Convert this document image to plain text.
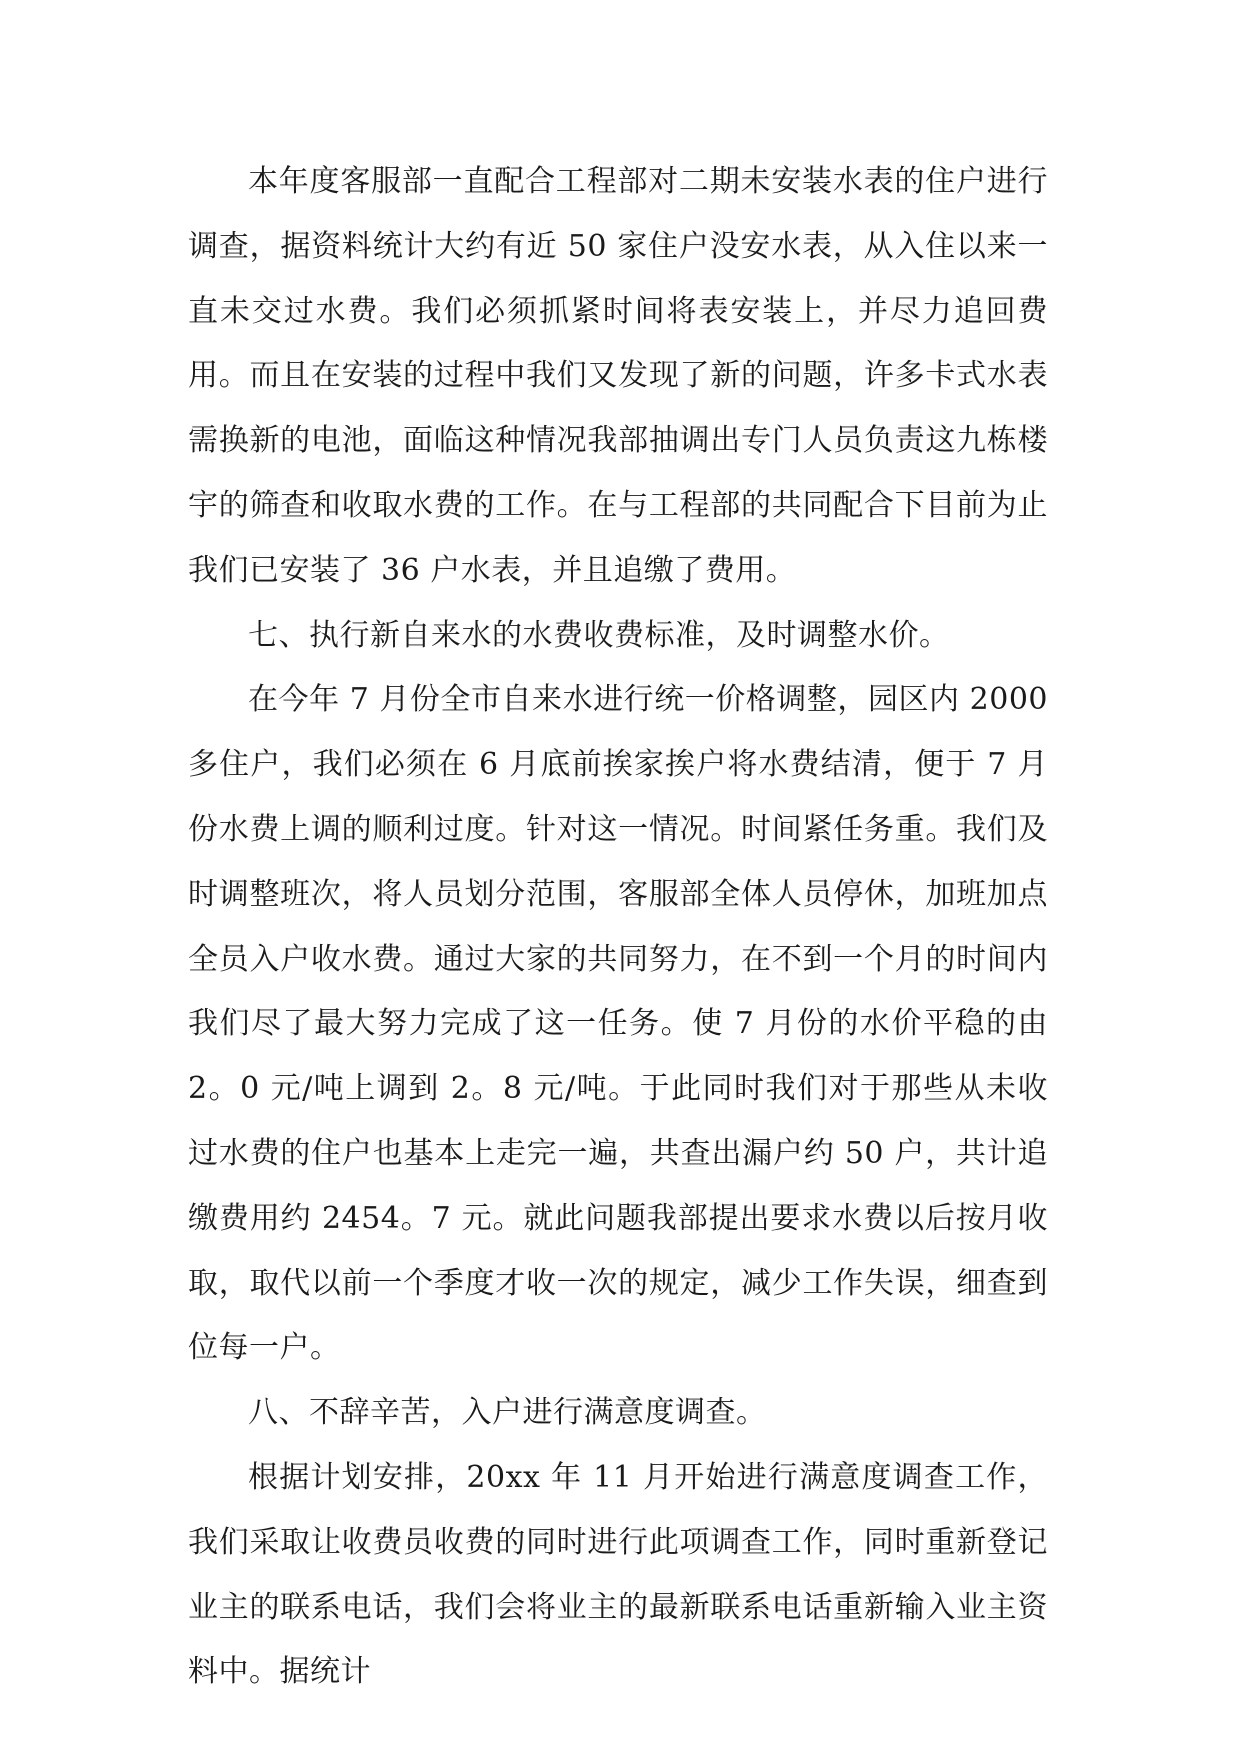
本年度客服部一直配合工程部对二期未安装水表的住户进行调查，据资料统计大约有近 50 家住户没安水表，从入住以来一直未交过水费。我们必须抓紧时间将表安装上，并尽力追回费用。而且在安装的过程中我们又发现了新的问题，许多卡式水表需换新的电池，面临这种情况我部抽调出专门人员负责这九栋楼宇的筛查和收取水费的工作。在与工程部的共同配合下目前为止我们已安装了 36 户水表，并且追缴了费用。

七、执行新自来水的水费收费标准，及时调整水价。

在今年 7 月份全市自来水进行统一价格调整，园区内 2000 多住户，我们必须在 6 月底前挨家挨户将水费结清，便于 7 月份水费上调的顺利过度。针对这一情况。时间紧任务重。我们及时调整班次，将人员划分范围，客服部全体人员停休，加班加点全员入户收水费。通过大家的共同努力，在不到一个月的时间内我们尽了最大努力完成了这一任务。使 7 月份的水价平稳的由 2。0 元/吨上调到 2。8 元/吨。于此同时我们对于那些从未收过水费的住户也基本上走完一遍，共查出漏户约 50 户，共计追缴费用约 2454。7 元。就此问题我部提出要求水费以后按月收取，取代以前一个季度才收一次的规定，减少工作失误，细查到位每一户。

八、不辞辛苦，入户进行满意度调查。

根据计划安排，20xx 年 11 月开始进行满意度调查工作，我们采取让收费员收费的同时进行此项调查工作，同时重新登记业主的联系电话，我们会将业主的最新联系电话重新输入业主资料中。据统计
